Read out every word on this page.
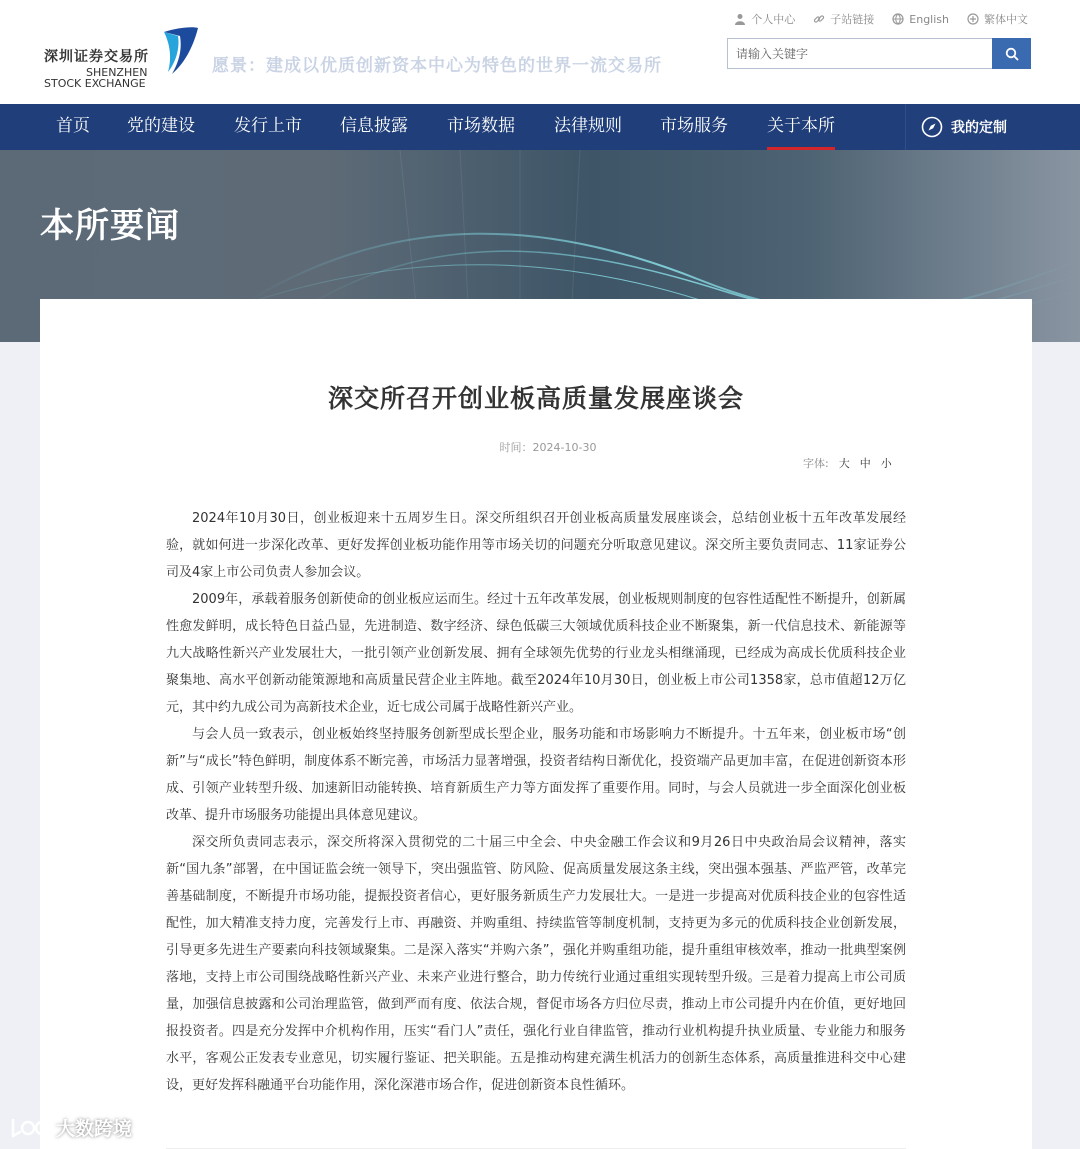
深圳证券交易所
SHENZHEN
STOCK EXCHANGE
愿景：建成以优质创新资本中心为特色的世界一流交易所
个人中心	子站链接	English	繁体中文
请输入关键字
首页 党的建设 发行上市 信息披露 市场数据 法律规则 市场服务 关于本所	我的定制
本所要闻
深交所召开创业板高质量发展座谈会
时间：2024-10-30
字体: 大 中 小

2024年10月30日，创业板迎来十五周岁生日。深交所组织召开创业板高质量发展座谈会，总结创业板十五年改革发展经验，就如何进一步深化改革、更好发挥创业板功能作用等市场关切的问题充分听取意见建议。深交所主要负责同志、11家证券公司及4家上市公司负责人参加会议。

2009年，承载着服务创新使命的创业板应运而生。经过十五年改革发展，创业板规则制度的包容性适配性不断提升，创新属性愈发鲜明，成长特色日益凸显，先进制造、数字经济、绿色低碳三大领域优质科技企业不断聚集，新一代信息技术、新能源等九大战略性新兴产业发展壮大，一批引领产业创新发展、拥有全球领先优势的行业龙头相继涌现，已经成为高成长优质科技企业聚集地、高水平创新动能策源地和高质量民营企业主阵地。截至2024年10月30日，创业板上市公司1358家，总市值超12万亿元，其中约九成公司为高新技术企业，近七成公司属于战略性新兴产业。

与会人员一致表示，创业板始终坚持服务创新型成长型企业，服务功能和市场影响力不断提升。十五年来，创业板市场“创新”与“成长”特色鲜明，制度体系不断完善，市场活力显著增强，投资者结构日渐优化，投资端产品更加丰富，在促进创新资本形成、引领产业转型升级、加速新旧动能转换、培育新质生产力等方面发挥了重要作用。同时，与会人员就进一步全面深化创业板改革、提升市场服务功能提出具体意见建议。

深交所负责同志表示，深交所将深入贯彻党的二十届三中全会、中央金融工作会议和9月26日中央政治局会议精神，落实新“国九条”部署，在中国证监会统一领导下，突出强监管、防风险、促高质量发展这条主线，突出强本强基、严监严管，改革完善基础制度，不断提升市场功能，提振投资者信心，更好服务新质生产力发展壮大。一是进一步提高对优质科技企业的包容性适配性，加大精准支持力度，完善发行上市、再融资、并购重组、持续监管等制度机制，支持更为多元的优质科技企业创新发展，引导更多先进生产要素向科技领域聚集。二是深入落实“并购六条”，强化并购重组功能，提升重组审核效率，推动一批典型案例落地，支持上市公司围绕战略性新兴产业、未来产业进行整合，助力传统行业通过重组实现转型升级。三是着力提高上市公司质量，加强信息披露和公司治理监管，做到严而有度、依法合规，督促市场各方归位尽责，推动上市公司提升内在价值，更好地回报投资者。四是充分发挥中介机构作用，压实“看门人”责任，强化行业自律监管，推动行业机构提升执业质量、专业能力和服务水平，客观公正发表专业意见，切实履行鉴证、把关职能。五是推动构建充满生机活力的创新生态体系，高质量推进科交中心建设，更好发挥科融通平台功能作用，深化深港市场合作，促进创新资本良性循环。

大数跨境
